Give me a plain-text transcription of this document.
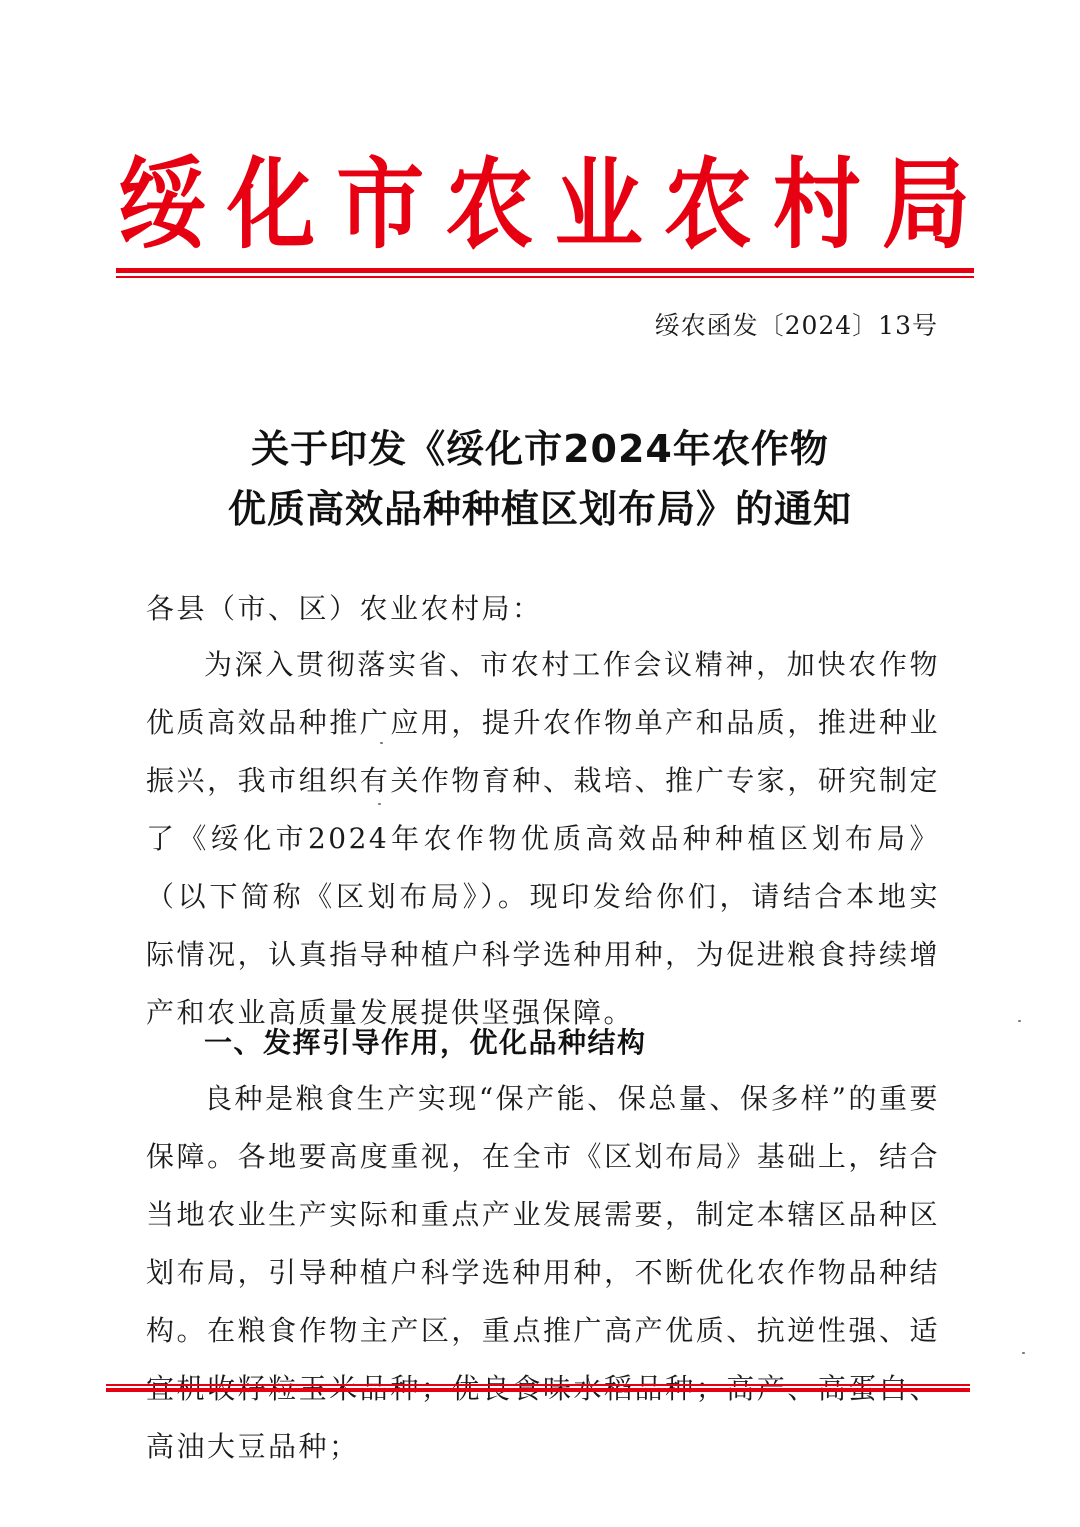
绥 化 市 农 业 农 村 局
绥农函发〔2024〕13号
关于印发《绥化市2024年农作物
优质高效品种种植区划布局》的通知

各县（市、区）农业农村局：

为深入贯彻落实省、市农村工作会议精神，加快农作物优质高效品种推广应用，提升农作物单产和品质，推进种业振兴，我市组织有关作物育种、栽培、推广专家，研究制定了《绥化市2024年农作物优质高效品种种植区划布局》（以下简称《区划布局》）。现印发给你们，请结合本地实际情况，认真指导种植户科学选种用种，为促进粮食持续增产和农业高质量发展提供坚强保障。

一、发挥引导作用，优化品种结构

良种是粮食生产实现“保产能、保总量、保多样”的重要保障。各地要高度重视，在全市《区划布局》基础上，结合当地农业生产实际和重点产业发展需要，制定本辖区品种区划布局，引导种植户科学选种用种，不断优化农作物品种结构。在粮食作物主产区，重点推广高产优质、抗逆性强、适 高油大豆品种；
